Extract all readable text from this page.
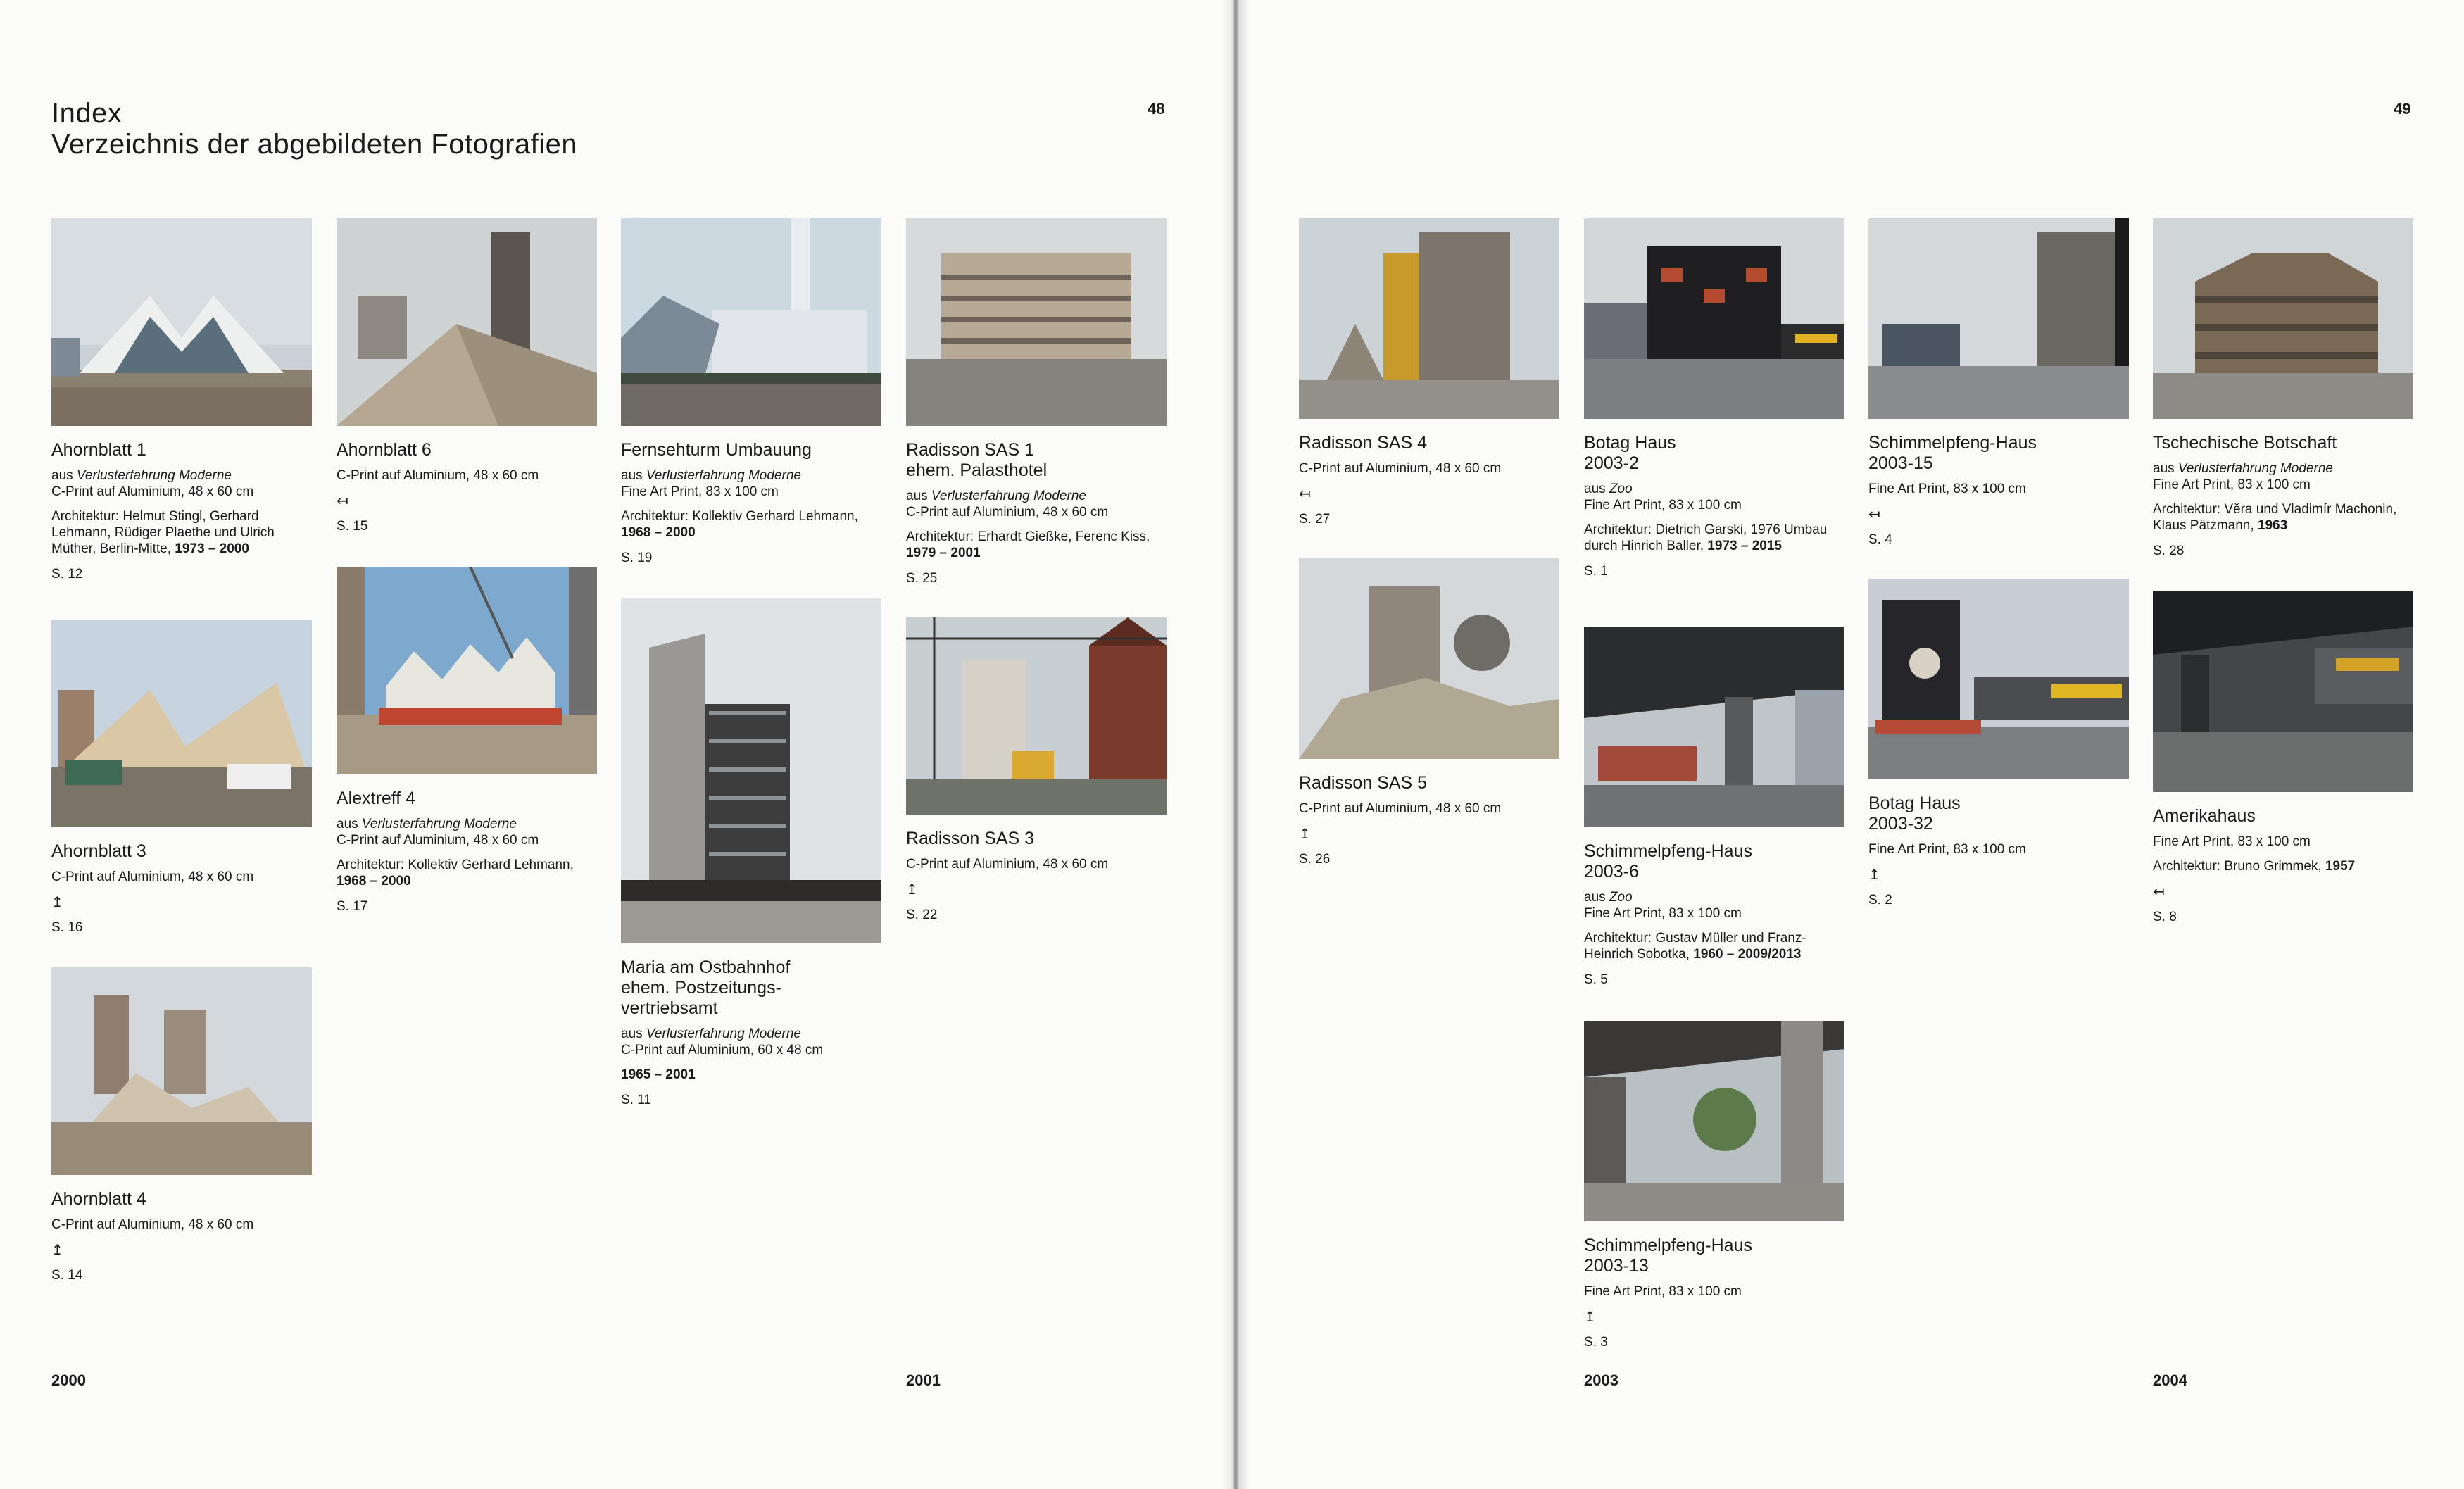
Index
Verzeichnis der abgebildeten Fotografien
48	49
2000	2001	2003	2004
Ahornblatt 1
aus Verlusterfahrung Moderne
C-Print auf Aluminium, 48 x 60 cm
Architektur: Helmut Stingl, Gerhard Lehmann, Rüdiger Plaethe und Ulrich Müther, Berlin-Mitte, 1973 – 2000
S. 12
Ahornblatt 6
C-Print auf Aluminium, 48 x 60 cm
↤
S. 15
Fernsehturm Umbauung
aus Verlusterfahrung Moderne
Fine Art Print, 83 x 100 cm
Architektur: Kollektiv Gerhard Lehmann, 1968 – 2000
S. 19
Radisson SAS 1
ehem. Palasthotel
aus Verlusterfahrung Moderne
C-Print auf Aluminium, 48 x 60 cm
Architektur: Erhardt Gießke, Ferenc Kiss, 1979 – 2001
S. 25
Ahornblatt 3
C-Print auf Aluminium, 48 x 60 cm
↥
S. 16
Alextreff 4
aus Verlusterfahrung Moderne
C-Print auf Aluminium, 48 x 60 cm
Architektur: Kollektiv Gerhard Lehmann, 1968 – 2000
S. 17
Maria am Ostbahnhof
ehem. Postzeitungs-
vertriebsamt
aus Verlusterfahrung Moderne
C-Print auf Aluminium, 60 x 48 cm
1965 – 2001
S. 11
Radisson SAS 3
C-Print auf Aluminium, 48 x 60 cm
↥
S. 22
Ahornblatt 4
C-Print auf Aluminium, 48 x 60 cm
↥
S. 14
Radisson SAS 4
C-Print auf Aluminium, 48 x 60 cm
↤
S. 27
Botag Haus
2003-2
aus Zoo
Fine Art Print, 83 x 100 cm
Architektur: Dietrich Garski, 1976 Umbau durch Hinrich Baller, 1973 – 2015
S. 1
Schimmelpfeng-Haus
2003-15
Fine Art Print, 83 x 100 cm
↤
S. 4
Tschechische Botschaft
aus Verlusterfahrung Moderne
Fine Art Print, 83 x 100 cm
Architektur: Věra und Vladimír Machonin, Klaus Pätzmann, 1963
S. 28
Radisson SAS 5
C-Print auf Aluminium, 48 x 60 cm
↥
S. 26	Schimmelpfeng-Haus
2003-6
aus Zoo
Fine Art Print, 83 x 100 cm
Architektur: Gustav Müller und Franz-Heinrich Sobotka, 1960 – 2009/2013
S. 5
Botag Haus
2003-32
Fine Art Print, 83 x 100 cm
↥
S. 2
Amerikahaus
Fine Art Print, 83 x 100 cm
Architektur: Bruno Grimmek, 1957
↤
S. 8
Schimmelpfeng-Haus
2003-13
Fine Art Print, 83 x 100 cm
↥
S. 3
